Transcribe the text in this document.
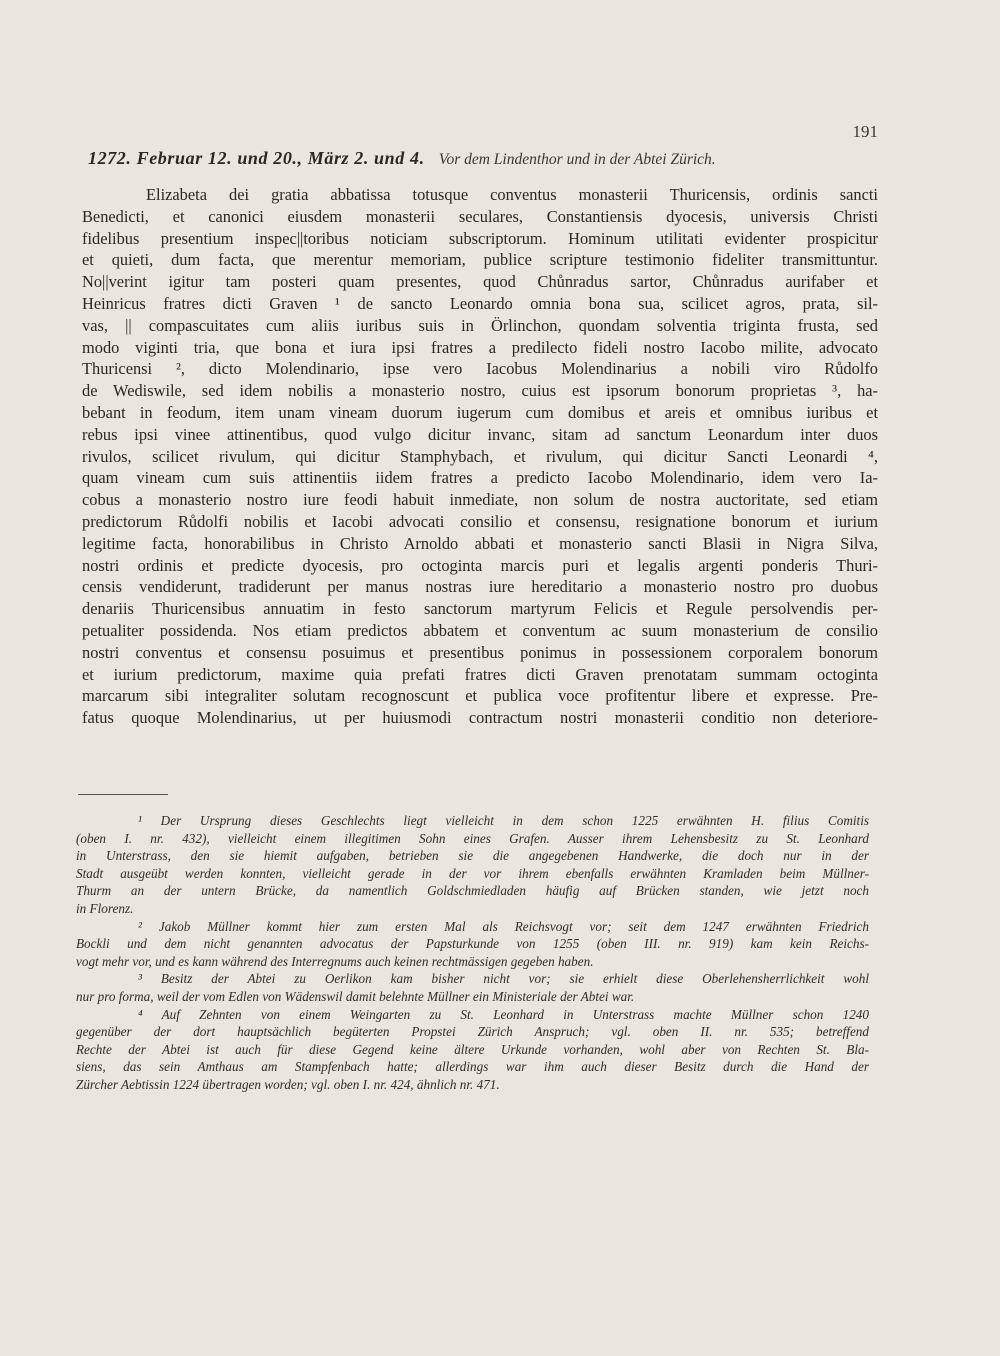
191
1272. Februar 12. und 20., März 2. und 4. Vor dem Lindenthor und in der Abtei Zürich.
Elizabeta dei gratia abbatissa totusque conventus monasterii Thuricensis, ordinis sancti
Benedicti, et canonici eiusdem monasterii seculares, Constantiensis dyocesis, universis Christi
fidelibus presentium inspec||toribus noticiam subscriptorum. Hominum utilitati evidenter prospicitur
et quieti, dum facta, que merentur memoriam, publice scripture testimonio fideliter transmittuntur.
No||verint igitur tam posteri quam presentes, quod Chůnradus sartor, Chůnradus aurifaber et
Heinricus fratres dicti Graven ¹ de sancto Leonardo omnia bona sua, scilicet agros, prata, sil-
vas, || compascuitates cum aliis iuribus suis in Örlinchon, quondam solventia triginta frusta, sed
modo viginti tria, que bona et iura ipsi fratres a predilecto fideli nostro Iacobo milite, advocato
Thuricensi ², dicto Molendinario, ipse vero Iacobus Molendinarius a nobili viro Růdolfo
de Wediswile, sed idem nobilis a monasterio nostro, cuius est ipsorum bonorum proprietas ³, ha-
bebant in feodum, item unam vineam duorum iugerum cum domibus et areis et omnibus iuribus et
rebus ipsi vinee attinentibus, quod vulgo dicitur invanc, sitam ad sanctum Leonardum inter duos
rivulos, scilicet rivulum, qui dicitur Stamphybach, et rivulum, qui dicitur Sancti Leonardi ⁴,
quam vineam cum suis attinentiis iidem fratres a predicto Iacobo Molendinario, idem vero Ia-
cobus a monasterio nostro iure feodi habuit inmediate, non solum de nostra auctoritate, sed etiam
predictorum Růdolfi nobilis et Iacobi advocati consilio et consensu, resignatione bonorum et iurium
legitime facta, honorabilibus in Christo Arnoldo abbati et monasterio sancti Blasii in Nigra Silva,
nostri ordinis et predicte dyocesis, pro octoginta marcis puri et legalis argenti ponderis Thuri-
censis vendiderunt, tradiderunt per manus nostras iure hereditario a monasterio nostro pro duobus
denariis Thuricensibus annuatim in festo sanctorum martyrum Felicis et Regule persolvendis per-
petualiter possidenda. Nos etiam predictos abbatem et conventum ac suum monasterium de consilio
nostri conventus et consensu posuimus et presentibus ponimus in possessionem corporalem bonorum
et iurium predictorum, maxime quia prefati fratres dicti Graven prenotatam summam octoginta
marcarum sibi integraliter solutam recognoscunt et publica voce profitentur libere et expresse. Pre-
fatus quoque Molendinarius, ut per huiusmodi contractum nostri monasterii conditio non deteriore-
¹ Der Ursprung dieses Geschlechts liegt vielleicht in dem schon 1225 erwähnten H. filius Comitis
(oben I. nr. 432), vielleicht einem illegitimen Sohn eines Grafen. Ausser ihrem Lehensbesitz zu St. Leonhard
in Unterstrass, den sie hiemit aufgaben, betrieben sie die angegebenen Handwerke, die doch nur in der
Stadt ausgeübt werden konnten, vielleicht gerade in der vor ihrem ebenfalls erwähnten Kramladen beim Müllner-
Thurm an der untern Brücke, da namentlich Goldschmiedladen häufig auf Brücken standen, wie jetzt noch
in Florenz.
² Jakob Müllner kommt hier zum ersten Mal als Reichsvogt vor; seit dem 1247 erwähnten Friedrich
Bockli und dem nicht genannten advocatus der Papsturkunde von 1255 (oben III. nr. 919) kam kein Reichs-
vogt mehr vor, und es kann während des Interregnums auch keinen rechtmässigen gegeben haben.
³ Besitz der Abtei zu Oerlikon kam bisher nicht vor; sie erhielt diese Oberlehensherrlichkeit wohl
nur pro forma, weil der vom Edlen von Wädenswil damit belehnte Müllner ein Ministeriale der Abtei war.
⁴ Auf Zehnten von einem Weingarten zu St. Leonhard in Unterstrass machte Müllner schon 1240
gegenüber der dort hauptsächlich begüterten Propstei Zürich Anspruch; vgl. oben II. nr. 535; betreffend
Rechte der Abtei ist auch für diese Gegend keine ältere Urkunde vorhanden, wohl aber von Rechten St. Bla-
siens, das sein Amthaus am Stampfenbach hatte; allerdings war ihm auch dieser Besitz durch die Hand der
Zürcher Aebtissin 1224 übertragen worden; vgl. oben I. nr. 424, ähnlich nr. 471.
